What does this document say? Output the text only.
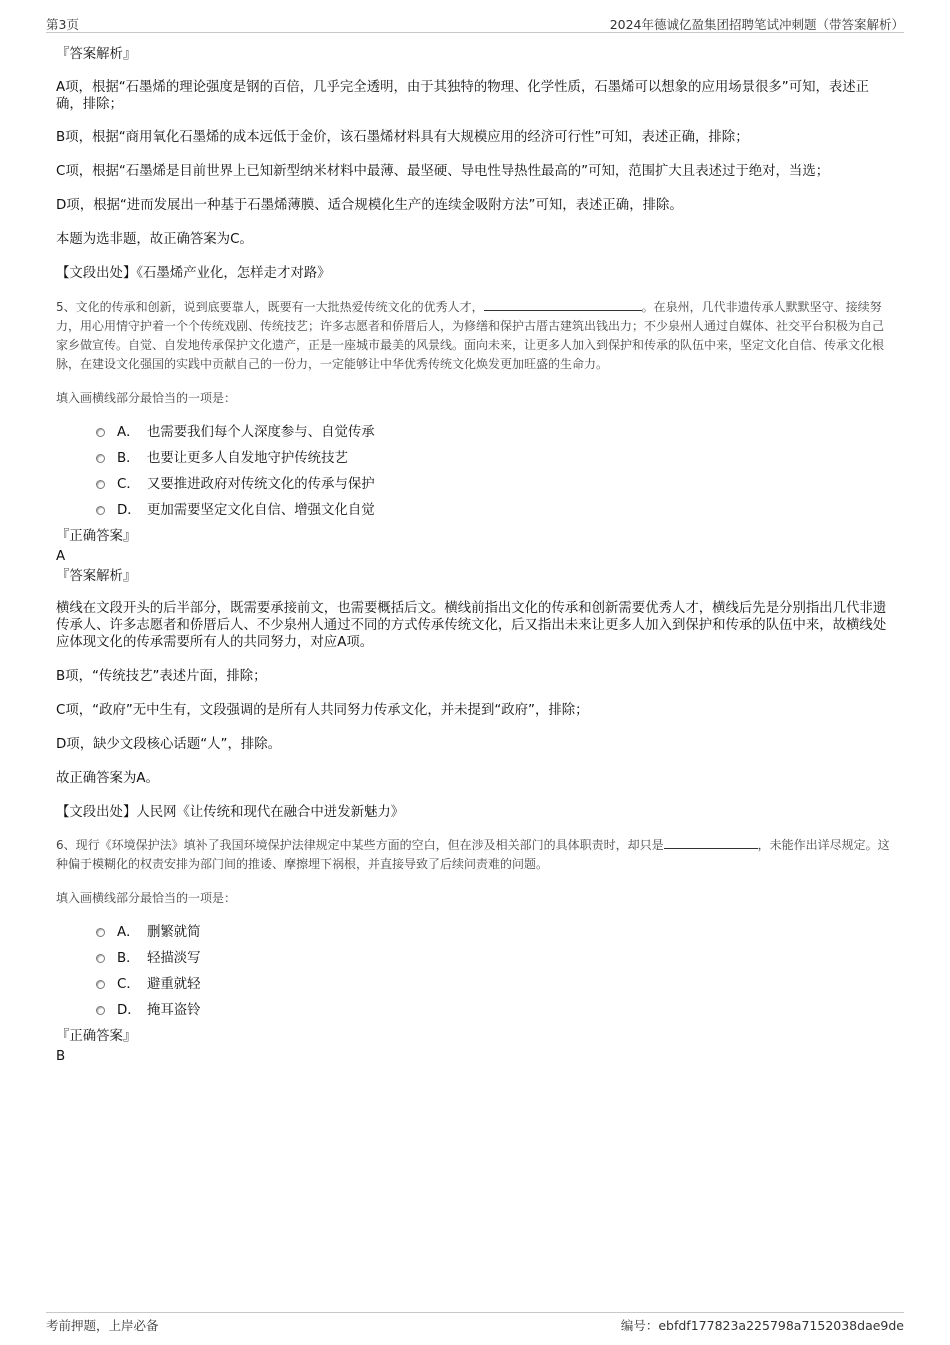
第3页	2024年德诚亿盈集团招聘笔试冲刺题（带答案解析）

『答案解析』

A项，根据“石墨烯的理论强度是钢的百倍，几乎完全透明，由于其独特的物理、化学性质，石墨烯可以想象的应用场景很多”可知，表述正确，排除；

B项，根据“商用氧化石墨烯的成本远低于金价，该石墨烯材料具有大规模应用的经济可行性”可知，表述正确，排除；

C项，根据“石墨烯是目前世界上已知新型纳米材料中最薄、最坚硬、导电性导热性最高的”可知，范围扩大且表述过于绝对，当选；

D项，根据“进而发展出一种基于石墨烯薄膜、适合规模化生产的连续金吸附方法”可知，表述正确，排除。

本题为选非题，故正确答案为C。

【文段出处】《石墨烯产业化，怎样走才对路》

5、文化的传承和创新，说到底要靠人，既要有一大批热爱传统文化的优秀人才，	。在泉州，几代非遗传承人默默坚守、接续努力，用心用情守护着一个个传统戏剧、传统技艺；许多志愿者和侨厝后人，为修缮和保护古厝古建筑出钱出力；不少泉州人通过自媒体、社交平台积极为自己家乡做宣传。自觉、自发地传承保护文化遗产，正是一座城市最美的风景线。面向未来，让更多人加入到保护和传承的队伍中来，坚定文化自信、传承文化根脉，在建设文化强国的实践中贡献自己的一份力，一定能够让中华优秀传统文化焕发更加旺盛的生命力。

填入画横线部分最恰当的一项是：

A． 也需要我们每个人深度参与、自觉传承
B． 也要让更多人自发地守护传统技艺
C． 又要推进政府对传统文化的传承与保护
D． 更加需要坚定文化自信、增强文化自觉

『正确答案』

A

『答案解析』

横线在文段开头的后半部分，既需要承接前文，也需要概括后文。横线前指出文化的传承和创新需要优秀人才，横线后先是分别指出几代非遗传承人、许多志愿者和侨厝后人、不少泉州人通过不同的方式传承传统文化，后又指出未来让更多人加入到保护和传承的队伍中来，故横线处应体现文化的传承需要所有人的共同努力，对应A项。

B项，“传统技艺”表述片面，排除；

C项，“政府”无中生有，文段强调的是所有人共同努力传承文化，并未提到“政府”，排除；

D项，缺少文段核心话题“人”，排除。

故正确答案为A。

【文段出处】人民网《让传统和现代在融合中迸发新魅力》

6、现行《环境保护法》填补了我国环境保护法律规定中某些方面的空白，但在涉及相关部门的具体职责时，却只是	，未能作出详尽规定。这种偏于模糊化的权责安排为部门间的推诿、摩擦埋下祸根，并直接导致了后续问责难的问题。

填入画横线部分最恰当的一项是：

A． 删繁就简
B． 轻描淡写
C． 避重就轻
D． 掩耳盗铃

『正确答案』

B

考前押题，上岸必备	编号：ebfdf177823a225798a7152038dae9de
